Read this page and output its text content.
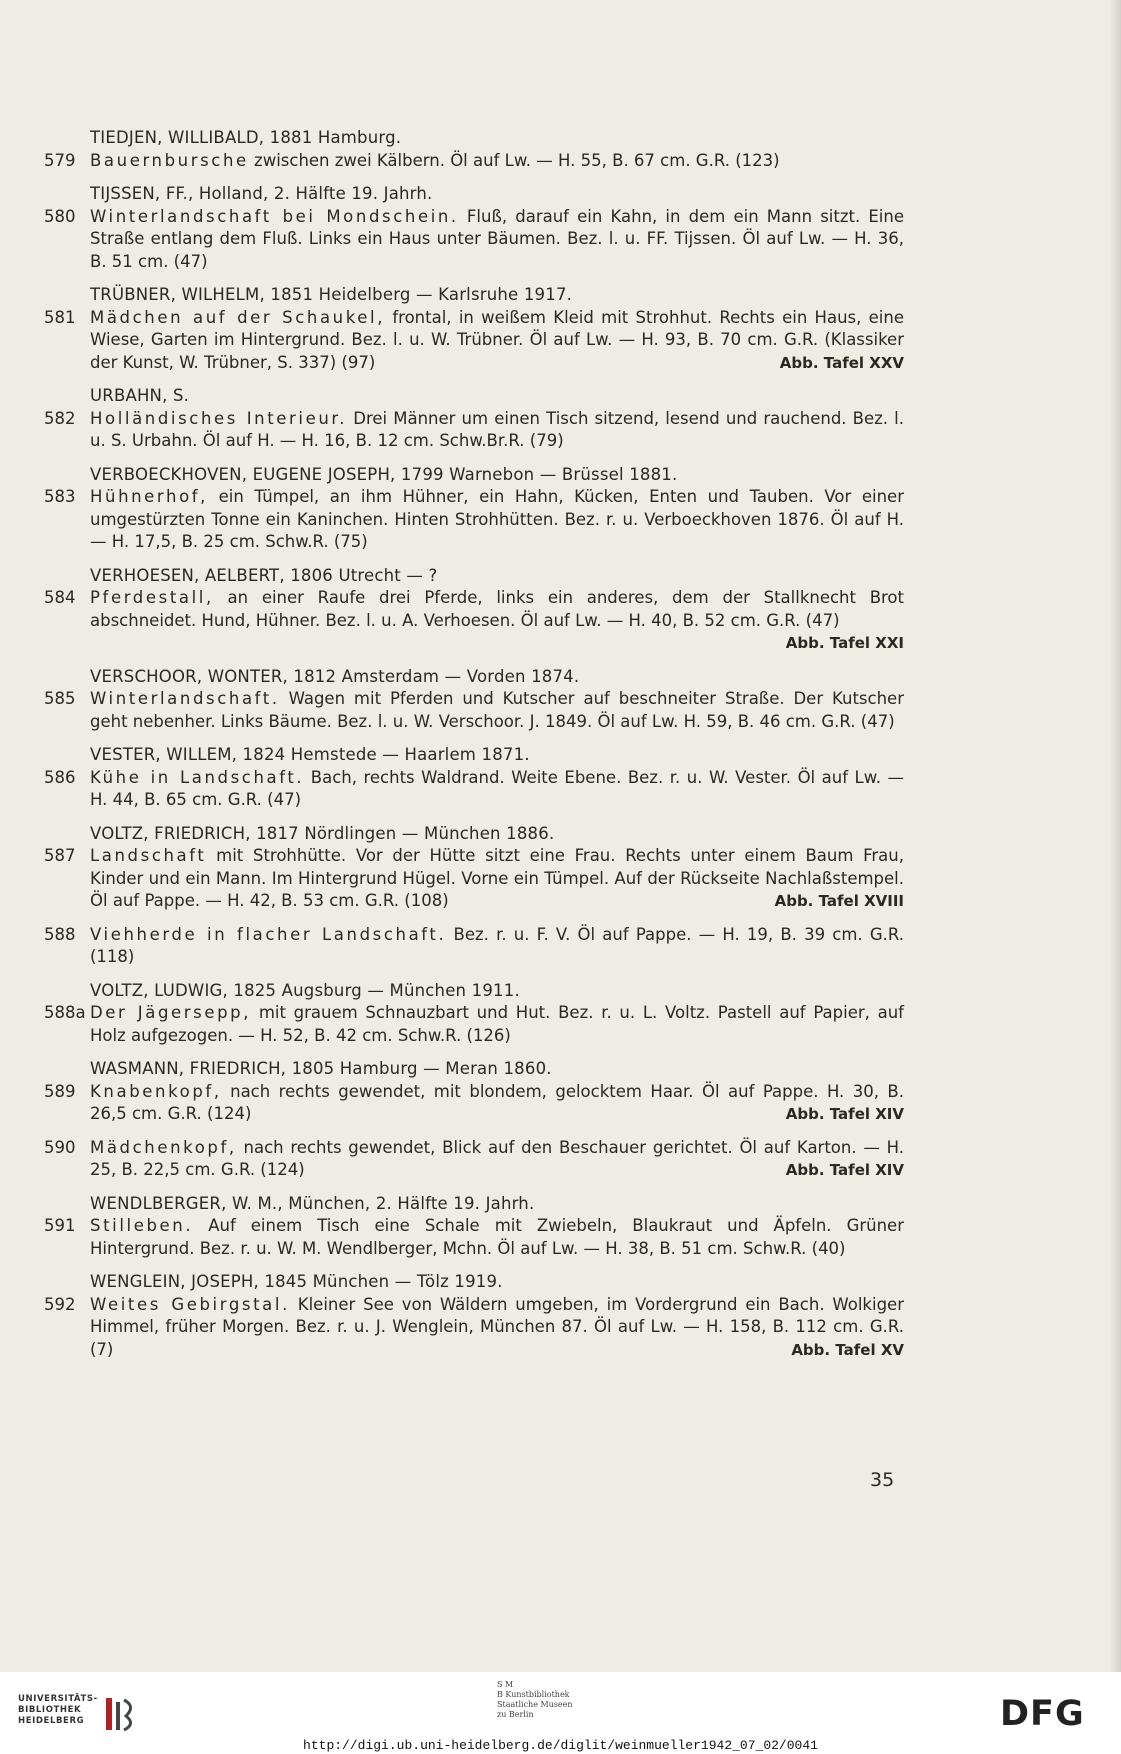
TIEDJEN, WILLIBALD, 1881 Hamburg.
579 Bauernbursche zwischen zwei Kälbern. Öl auf Lw. — H. 55, B. 67 cm. G.R. (123)
TIJSSEN, FF., Holland, 2. Hälfte 19. Jahrh.
580 Winterlandschaft bei Mondschein. Fluß, darauf ein Kahn, in dem ein Mann sitzt. Eine Straße entlang dem Fluß. Links ein Haus unter Bäumen. Bez. l. u. FF. Tijssen. Öl auf Lw. — H. 36, B. 51 cm. (47)
TRÜBNER, WILHELM, 1851 Heidelberg — Karlsruhe 1917.
581 Mädchen auf der Schaukel, frontal, in weißem Kleid mit Strohhut. Rechts ein Haus, eine Wiese, Garten im Hintergrund. Bez. l. u. W. Trübner. Öl auf Lw. — H. 93, B. 70 cm. G.R. (Klassiker der Kunst, W. Trübner, S. 337) (97)	Abb. Tafel XXV
URBAHN, S.
582 Holländisches Interieur. Drei Männer um einen Tisch sitzend, lesend und rauchend. Bez. l. u. S. Urbahn. Öl auf H. — H. 16, B. 12 cm. Schw.Br.R. (79)
VERBOECKHOVEN, EUGENE JOSEPH, 1799 Warnebon — Brüssel 1881.
583 Hühnerhof, ein Tümpel, an ihm Hühner, ein Hahn, Kücken, Enten und Tauben. Vor einer umgestürzten Tonne ein Kaninchen. Hinten Strohhütten. Bez. r. u. Verboeckhoven 1876. Öl auf H. — H. 17,5, B. 25 cm. Schw.R. (75)
VERHOESEN, AELBERT, 1806 Utrecht — ?
584 Pferdestall, an einer Raufe drei Pferde, links ein anderes, dem der Stallknecht Brot abschneidet. Hund, Hühner. Bez. l. u. A. Verhoesen. Öl auf Lw. — H. 40, B. 52 cm. G.R. (47)
Abb. Tafel XXI
VERSCHOOR, WONTER, 1812 Amsterdam — Vorden 1874.
585 Winterlandschaft. Wagen mit Pferden und Kutscher auf beschneiter Straße. Der Kutscher geht nebenher. Links Bäume. Bez. l. u. W. Verschoor. J. 1849. Öl auf Lw. H. 59, B. 46 cm. G.R. (47)
VESTER, WILLEM, 1824 Hemstede — Haarlem 1871.
586 Kühe in Landschaft. Bach, rechts Waldrand. Weite Ebene. Bez. r. u. W. Vester. Öl auf Lw. — H. 44, B. 65 cm. G.R. (47)
VOLTZ, FRIEDRICH, 1817 Nördlingen — München 1886.
587 Landschaft mit Strohhütte. Vor der Hütte sitzt eine Frau. Rechts unter einem Baum Frau, Kinder und ein Mann. Im Hintergrund Hügel. Vorne ein Tümpel. Auf der Rückseite Nachlaßstempel. Öl auf Pappe. — H. 42, B. 53 cm. G.R. (108)	Abb. Tafel XVIII
588 Viehherde in flacher Landschaft. Bez. r. u. F. V. Öl auf Pappe. — H. 19, B. 39 cm. G.R. (118)
VOLTZ, LUDWIG, 1825 Augsburg — München 1911.
588a Der Jägersepp, mit grauem Schnauzbart und Hut. Bez. r. u. L. Voltz. Pastell auf Papier, auf Holz aufgezogen. — H. 52, B. 42 cm. Schw.R. (126)
WASMANN, FRIEDRICH, 1805 Hamburg — Meran 1860.
589 Knabenkopf, nach rechts gewendet, mit blondem, gelocktem Haar. Öl auf Pappe. H. 30, B. 26,5 cm. G.R. (124)	Abb. Tafel XIV
590 Mädchenkopf, nach rechts gewendet, Blick auf den Beschauer gerichtet. Öl auf Karton. — H. 25, B. 22,5 cm. G.R. (124)	Abb. Tafel XIV
WENDLBERGER, W. M., München, 2. Hälfte 19. Jahrh.
591 Stilleben. Auf einem Tisch eine Schale mit Zwiebeln, Blaukraut und Äpfeln. Grüner Hintergrund. Bez. r. u. W. M. Wendlberger, Mchn. Öl auf Lw. — H. 38, B. 51 cm. Schw.R. (40)
WENGLEIN, JOSEPH, 1845 München — Tölz 1919.
592 Weites Gebirgstal. Kleiner See von Wäldern umgeben, im Vordergrund ein Bach. Wolkiger Himmel, früher Morgen. Bez. r. u. J. Wenglein, München 87. Öl auf Lw. — H. 158, B. 112 cm. G.R. (7)	Abb. Tafel XV
35
UNIVERSITÄTS-
BIBLIOTHEK
HEIDELBERG
S M
B Kunstbibliothek
Staatliche Museen
zu Berlin	DFG
http://digi.ub.uni-heidelberg.de/diglit/weinmueller1942_07_02/0041
